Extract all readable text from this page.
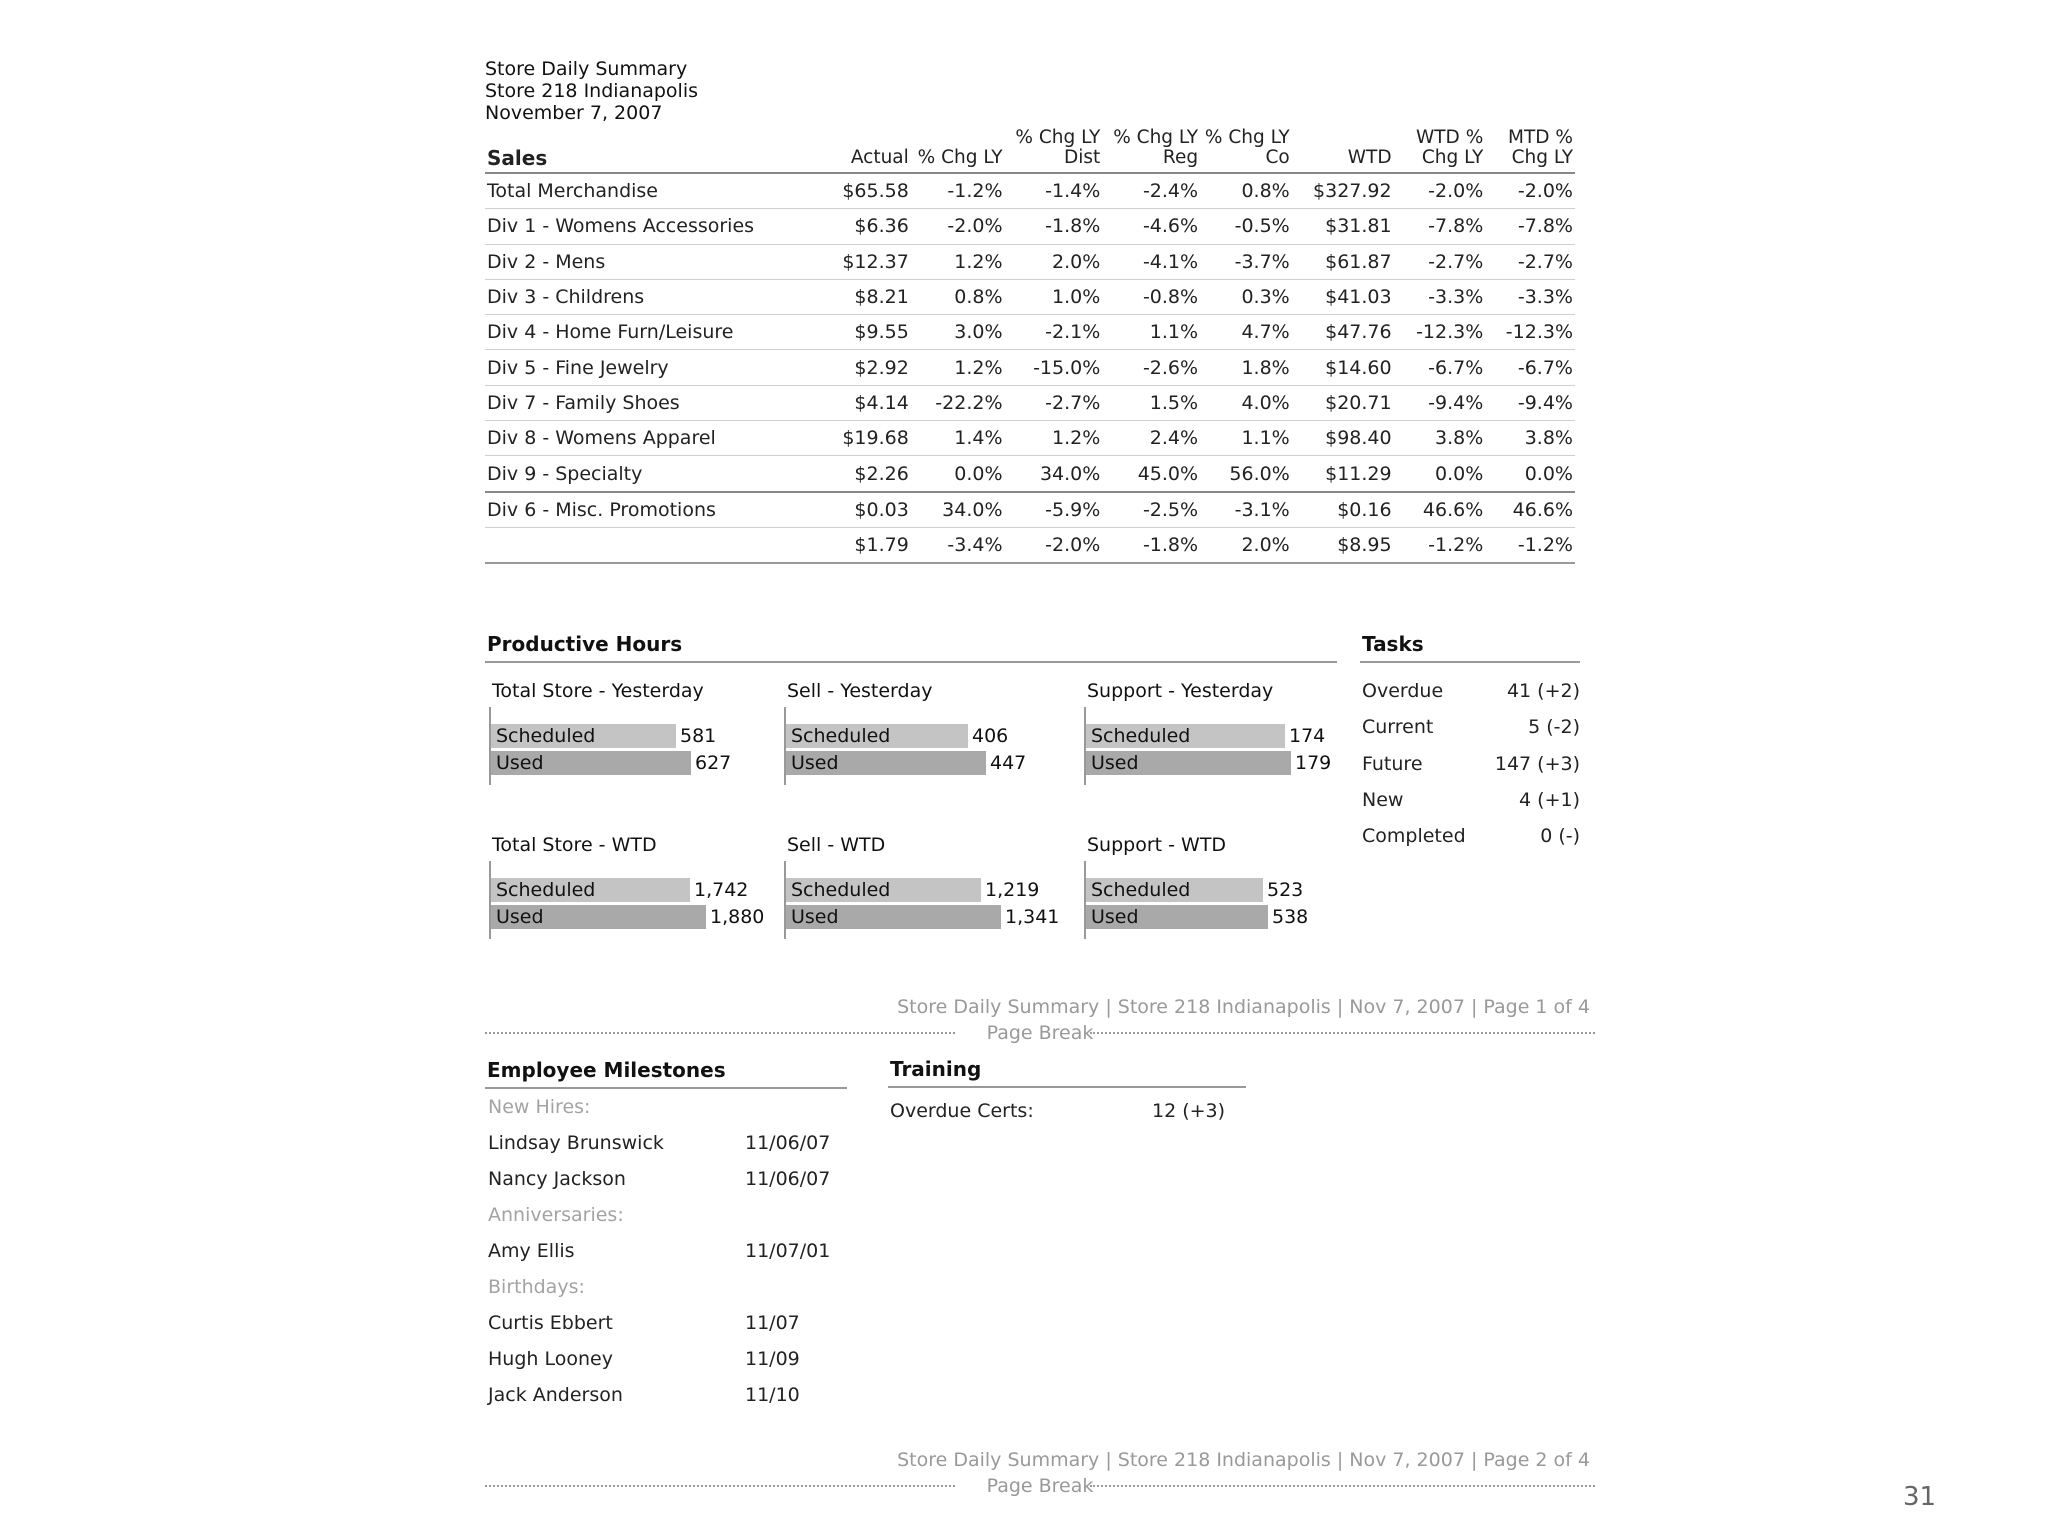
Store Daily Summary
Store 218 Indianapolis
November 7, 2007
Sales	Actual	% Chg LY	% Chg LY Dist	% Chg LY Reg	% Chg LY Co	WTD	WTD % Chg LY	MTD % Chg LY
Total Merchandise	$65.58	-1.2%	-1.4%	-2.4%	0.8%	$327.92	-2.0%	-2.0%
Div 1 - Womens Accessories	$6.36	-2.0%	-1.8%	-4.6%	-0.5%	$31.81	-7.8%	-7.8%
Div 2 - Mens	$12.37	1.2%	2.0%	-4.1%	-3.7%	$61.87	-2.7%	-2.7%
Div 3 - Childrens	$8.21	0.8%	1.0%	-0.8%	0.3%	$41.03	-3.3%	-3.3%
Div 4 - Home Furn/Leisure	$9.55	3.0%	-2.1%	1.1%	4.7%	$47.76	-12.3%	-12.3%
Div 5 - Fine Jewelry	$2.92	1.2%	-15.0%	-2.6%	1.8%	$14.60	-6.7%	-6.7%
Div 7 - Family Shoes	$4.14	-22.2%	-2.7%	1.5%	4.0%	$20.71	-9.4%	-9.4%
Div 8 - Womens Apparel	$19.68	1.4%	1.2%	2.4%	1.1%	$98.40	3.8%	3.8%
Div 9 - Specialty	$2.26	0.0%	34.0%	45.0%	56.0%	$11.29	0.0%	0.0%
Div 6 - Misc. Promotions	$0.03	34.0%	-5.9%	-2.5%	-3.1%	$0.16	46.6%	46.6%
	$1.79	-3.4%	-2.0%	-1.8%	2.0%	$8.95	-1.2%	-1.2%
Productive Hours
Total Store - Yesterday
Scheduled
Used
581
627
Sell - Yesterday
Scheduled
Used
406
447
Support - Yesterday
Scheduled
Used
174
179
Total Store - WTD
Scheduled
Used
1,742
1,880
Sell - WTD
Scheduled
Used
1,219
1,341
Support - WTD
Scheduled
Used
523
538
Tasks
Overdue	41 (+2)
Current	5 (-2)
Future	147 (+3)
New	4 (+1)
Completed	0 (-)
Store Daily Summary | Store 218 Indianapolis | Nov 7, 2007 | Page 1 of 4
Page Break
Employee Milestones
New Hires:
Lindsay Brunswick	11/06/07
Nancy Jackson	11/06/07
Anniversaries:
Amy Ellis	11/07/01
Birthdays:
Curtis Ebbert	11/07
Hugh Looney	11/09
Jack Anderson	11/10
Training
Overdue Certs:	12 (+3)
Store Daily Summary | Store 218 Indianapolis | Nov 7, 2007 | Page 2 of 4
Page Break	31
